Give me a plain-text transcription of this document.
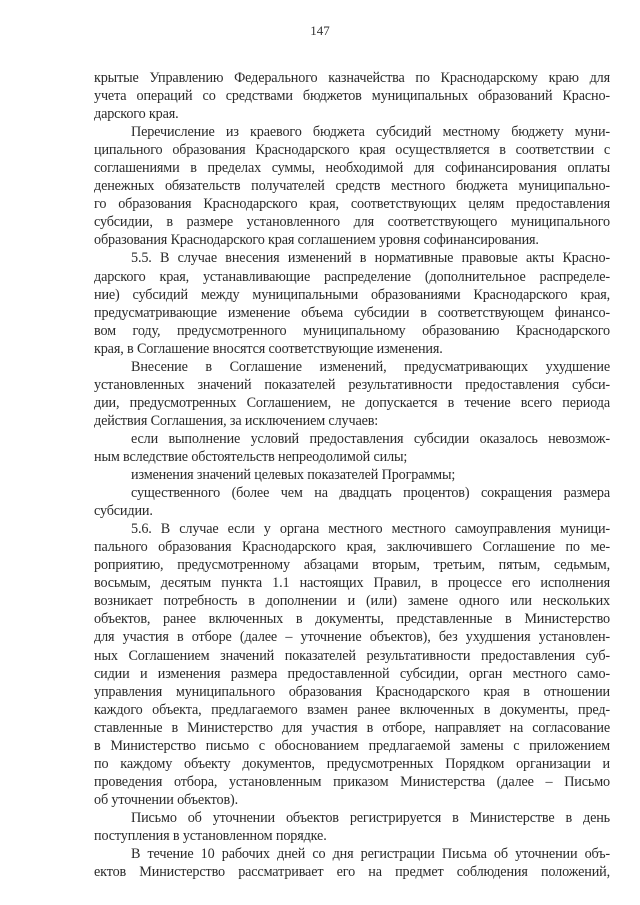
147
крытые Управлению Федерального казначейства по Краснодарскому краю для
учета операций со средствами бюджетов муниципальных образований Красно-
дарского края.
Перечисление из краевого бюджета субсидий местному бюджету муни-
ципального образования Краснодарского края осуществляется в соответствии с
соглашениями в пределах суммы, необходимой для софинансирования оплаты
денежных обязательств получателей средств местного бюджета муниципально-
го образования Краснодарского края, соответствующих целям предоставления
субсидии, в размере установленного для соответствующего муниципального
образования Краснодарского края соглашением уровня софинансирования.
5.5. В случае внесения изменений в нормативные правовые акты Красно-
дарского края, устанавливающие распределение (дополнительное распределе-
ние) субсидий между муниципальными образованиями Краснодарского края,
предусматривающие изменение объема субсидии в соответствующем финансо-
вом году, предусмотренного муниципальному образованию Краснодарского
края, в Соглашение вносятся соответствующие изменения.
Внесение в Соглашение изменений, предусматривающих ухудшение
установленных значений показателей результативности предоставления субси-
дии, предусмотренных Соглашением, не допускается в течение всего периода
действия Соглашения, за исключением случаев:
если выполнение условий предоставления субсидии оказалось невозмож-
ным вследствие обстоятельств непреодолимой силы;
изменения значений целевых показателей Программы;
существенного (более чем на двадцать процентов) сокращения размера
субсидии.
5.6. В случае если у органа местного местного самоуправления муници-
пального образования Краснодарского края, заключившего Соглашение по ме-
роприятию, предусмотренному абзацами вторым, третьим, пятым, седьмым,
восьмым, десятым пункта 1.1 настоящих Правил, в процессе его исполнения
возникает потребность в дополнении и (или) замене одного или нескольких
объектов, ранее включенных в документы, представленные в Министерство
для участия в отборе (далее – уточнение объектов), без ухудшения установлен-
ных Соглашением значений показателей результативности предоставления суб-
сидии и изменения размера предоставленной субсидии, орган местного само-
управления муниципального образования Краснодарского края в отношении
каждого объекта, предлагаемого взамен ранее включенных в документы, пред-
ставленные в Министерство для участия в отборе, направляет на согласование
в Министерство письмо с обоснованием предлагаемой замены с приложением
по каждому объекту документов, предусмотренных Порядком организации и
проведения отбора, установленным приказом Министерства (далее – Письмо
об уточнении объектов).
Письмо об уточнении объектов регистрируется в Министерстве в день
поступления в установленном порядке.
В течение 10 рабочих дней со дня регистрации Письма об уточнении объ-
ектов Министерство рассматривает его на предмет соблюдения положений,
